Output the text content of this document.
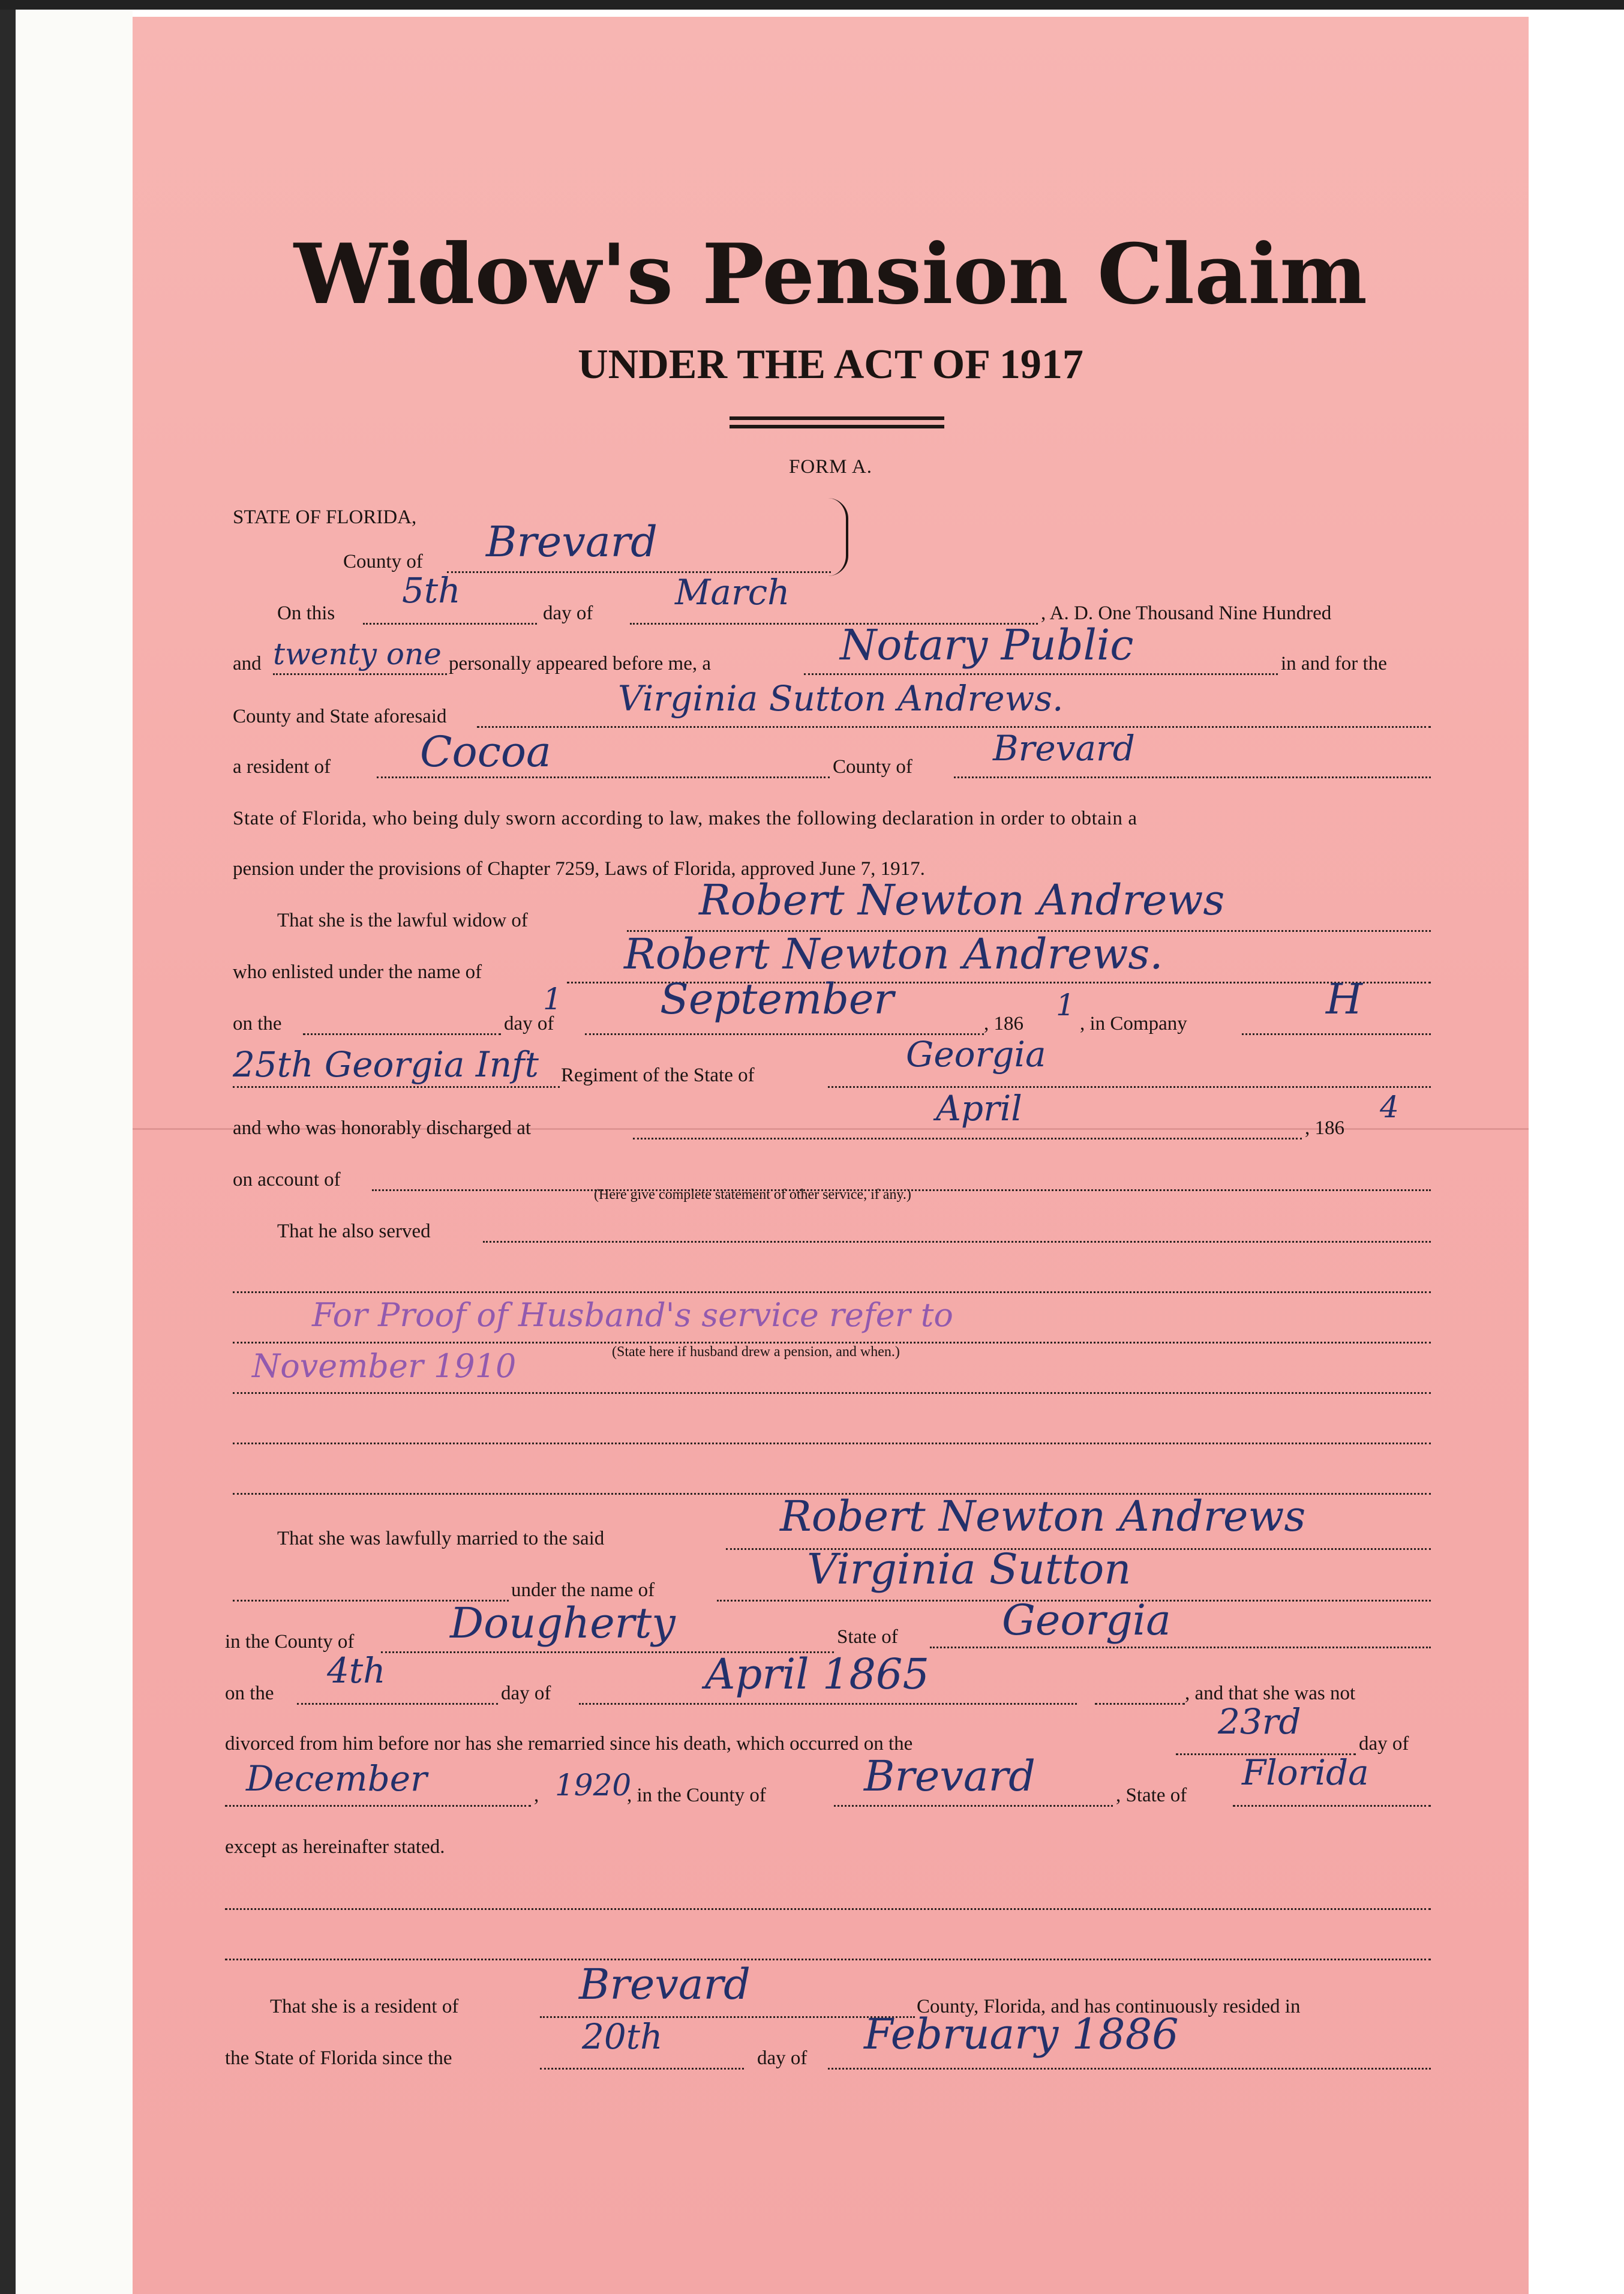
Widow's Pension Claim
UNDER THE ACT OF 1917

FORM A.

STATE OF FLORIDA,
County of Brevard
On this
5th
day of
March
, A. D. One Thousand Nine Hundred
and twenty one personally appeared before me, a	Notary Public	in and for the
County and State aforesaid	Virginia Sutton Andrews.
a resident of Cocoa	County of Brevard
State of Florida, who being duly sworn according to law, makes the following declaration in order to obtain a
pension under the provisions of Chapter 7259, Laws of Florida, approved June 7, 1917.
That she is the lawful widow of	Robert Newton Andrews
who enlisted under the name of	Robert Newton Andrews.
on the
1
day of	September	, 186
1
, in Company	H
25th Georgia Inft Regiment of the State of
Georgia
and who was honorably discharged at	April	, 186
4
on account of
(Here give complete statement of other service, if any.)
That he also served
For Proof of Husband's service refer to
(State here if husband drew a pension, and when.)
November 1910
That she was lawfully married to the said	Robert Newton Andrews
under the name of	Virginia Sutton
in the County of Dougherty	State of Georgia
on the
4th
day of	April 1865	, and that she was not
divorced from him before nor has she remarried since his death, which occurred on the
23rd
day of
December	, 1920
, in the County of Brevard	, State of
Florida
except as hereinafter stated.
That she is a resident of	Brevard	County, Florida, and has continuously resided in
the State of Florida since the
20th
day of February 1886
